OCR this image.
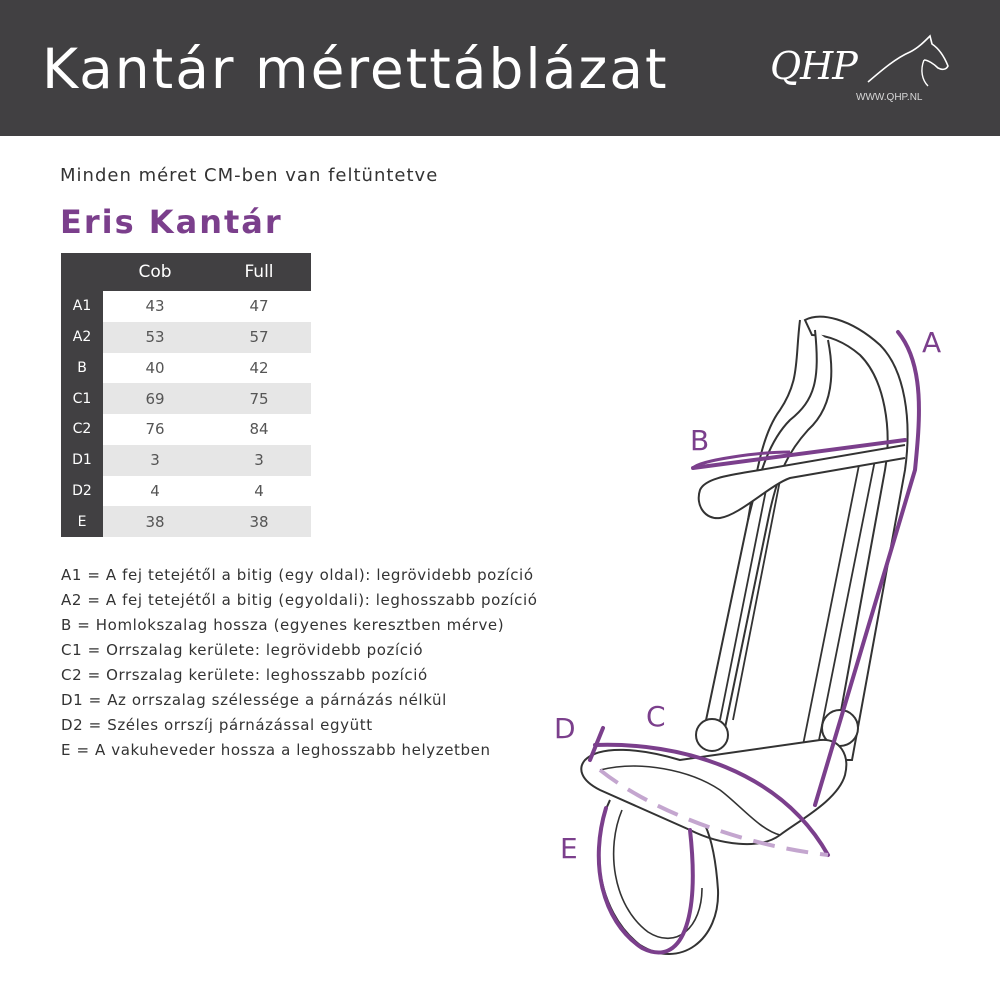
Kantár mérettáblázat	QHP
WWW.QHP.NL

Minden méret CM-ben van feltüntetve

Eris Kantár
	Cob	Full
A1	43	47
A2	53	57
B	40	42
C1	69	75
C2	76	84
D1	3	3
D2	4	4
E	38	38
A1 = A fej tetejétől a bitig (egy oldal): legrövidebb pozíció
A2 = A fej tetejétől a bitig (egyoldali): leghosszabb pozíció
B = Homlokszalag hossza (egyenes keresztben mérve)
C1 = Orrszalag kerülete: legrövidebb pozíció
C2 = Orrszalag kerülete: leghosszabb pozíció
D1 = Az orrszalag szélessége a párnázás nélkül
D2 = Széles orrszíj párnázással együtt
E = A vakuheveder hossza a leghosszabb helyzetben
A
B
C
D
E
